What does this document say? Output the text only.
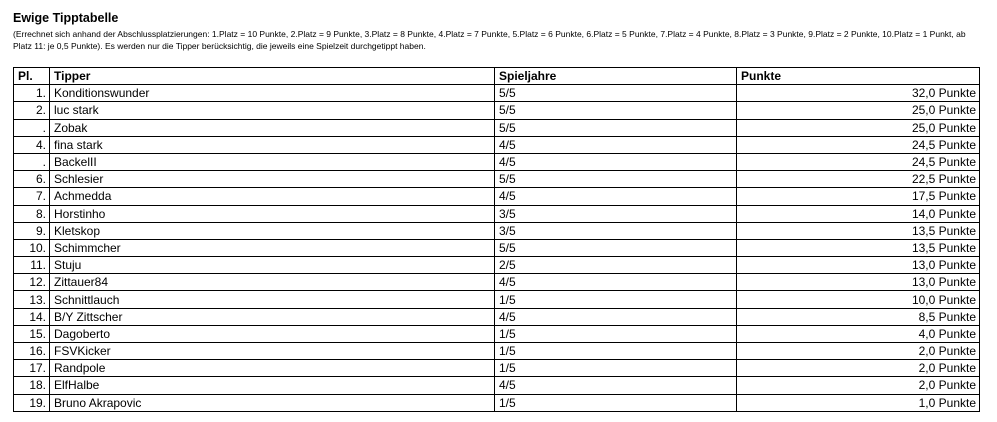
Ewige Tipptabelle

(Errechnet sich anhand der Abschlussplatzierungen: 1.Platz = 10 Punkte, 2.Platz = 9 Punkte, 3.Platz = 8 Punkte, 4.Platz = 7 Punkte, 5.Platz = 6 Punkte, 6.Platz = 5 Punkte, 7.Platz = 4 Punkte, 8.Platz = 3 Punkte, 9.Platz = 2 Punkte, 10.Platz = 1 Punkt, ab Platz 11: je 0,5 Punkte). Es werden nur die Tipper berücksichtig, die jeweils eine Spielzeit durchgetippt haben.

Pl.	Tipper	Spieljahre	Punkte
1.	Konditionswunder	5/5	32,0 Punkte
2.	luc stark	5/5	25,0 Punkte
.	Zobak	5/5	25,0 Punkte
4.	fina stark	4/5	24,5 Punkte
.	BackelII	4/5	24,5 Punkte
6.	Schlesier	5/5	22,5 Punkte
7.	Achmedda	4/5	17,5 Punkte
8.	Horstinho	3/5	14,0 Punkte
9.	Kletskop	3/5	13,5 Punkte
10.	Schimmcher	5/5	13,5 Punkte
11.	Stuju	2/5	13,0 Punkte
12.	Zittauer84	4/5	13,0 Punkte
13.	Schnittlauch	1/5	10,0 Punkte
14.	B/Y Zittscher	4/5	8,5 Punkte
15.	Dagoberto	1/5	4,0 Punkte
16.	FSVKicker	1/5	2,0 Punkte
17.	Randpole	1/5	2,0 Punkte
18.	ElfHalbe	4/5	2,0 Punkte
19.	Bruno Akrapovic	1/5	1,0 Punkte
